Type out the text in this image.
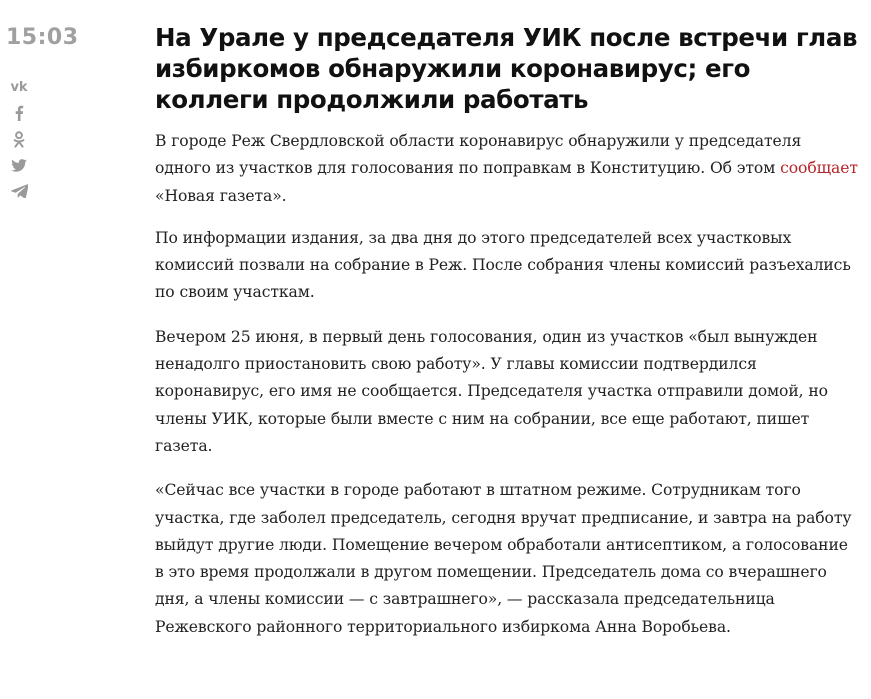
15:03
vk
На Урале у председателя УИК после встречи глав избиркомов обнаружили коронавирус; его коллеги продолжили работать

В городе Реж Свердловской области коронавирус обнаружили у председателя одного из участков для голосования по поправкам в Конституцию. Об этом сообщает «Новая газета».

По информации издания, за два дня до этого председателей всех участковых комиссий позвали на собрание в Реж. После собрания члены комиссий разъехались по своим участкам.

Вечером 25 июня, в первый день голосования, один из участков «был вынужден ненадолго приостановить свою работу». У главы комиссии подтвердился коронавирус, его имя не сообщается. Председателя участка отправили домой, но члены УИК, которые были вместе с ним на собрании, все еще работают, пишет газета.

«Сейчас все участки в городе работают в штатном режиме. Сотрудникам того участка, где заболел председатель, сегодня вручат предписание, и завтра на работу выйдут другие люди. Помещение вечером обработали антисептиком, а голосование в это время продолжали в другом помещении. Председатель дома со вчерашнего дня, а члены комиссии — с завтрашнего», — рассказала председательница Режевского районного территориального избиркома Анна Воробьева.
